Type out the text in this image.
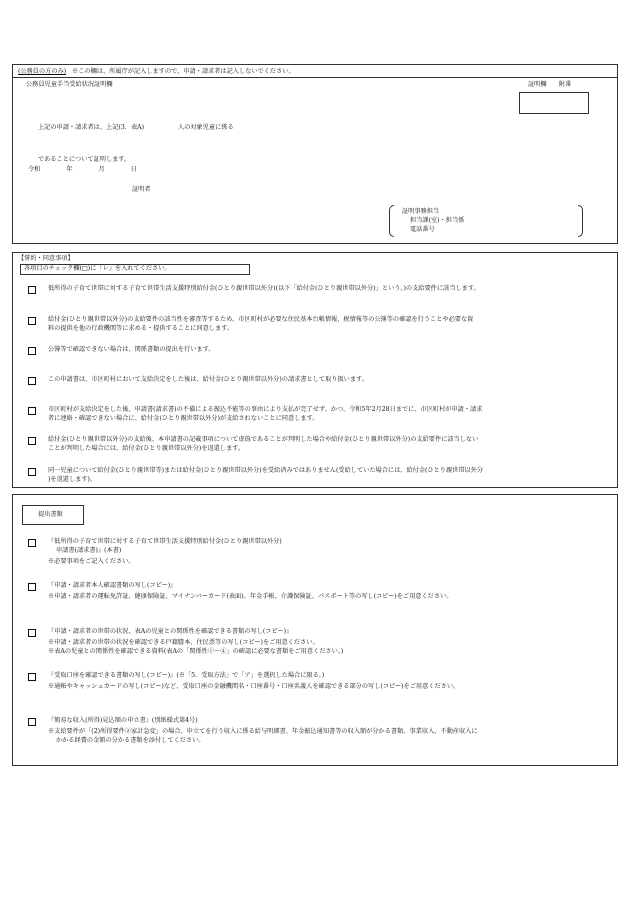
(公務員の方のみ) ※この欄は、所属庁が記入しますので、申請・請求者は記入しないでください。
公務員児童手当受給状況証明欄	証明欄　　附番
上記の申請・請求者は、上記(3．表A)	人の対象児童に係る
であることについて証明します。
令和	年	月	日
証明者
証明事務担当
担当課(室)・担当係
電話番号
【誓約・同意事項】
各項目のチェック欄(□)に『レ』を入れてください。
低所得の子育て世帯に対する子育て世帯生活支援特別給付金(ひとり親世帯以外分)(以下「給付金(ひとり親世帯以外分)」という。)の支給要件に該当します。
給付金(ひとり親世帯以外分)の支給要件の該当性を審査等するため、市区町村が必要な住民基本台帳情報、税情報等の公簿等の確認を行うことや必要な資
料の提供を他の行政機関等に求める・提供することに同意します。
公簿等で確認できない場合は、関係書類の提出を行います。
この申請書は、市区町村において支給決定をした後は、給付金(ひとり親世帯以外分)の請求書として取り扱います。
市区町村が支給決定をした後、申請書(請求書)の不備による振込不能等の事由により支払が完了せず、かつ、令和5年2月28日までに、市区町村が申請・請求
者に連絡・確認できない場合に、給付金(ひとり親世帯以外分)が支給されないことに同意します。
給付金(ひとり親世帯以外分)の支給後、本申請書の記載事項について虚偽であることが判明した場合や給付金(ひとり親世帯以外分)の支給要件に該当しない
ことが判明した場合には、給付金(ひとり親世帯以外分)を返還します。
同一児童について給付金(ひとり親世帯等)または給付金(ひとり親世帯以外分)を受給済みではありません(受給していた場合には、給付金(ひとり親世帯以外分
)を返還します)。
提出書類
『低所得の子育て世帯に対する子育て世帯生活支援特別給付金(ひとり親世帯以外分)
申請書(請求書)』(本書)
※必要事項をご記入ください。
『申請・請求者本人確認書類の写し(コピー)』
※申請・請求者の運転免許証、健康保険証、マイナンバーカード(表面)、年金手帳、介護保険証、パスポート等の写し(コピー)をご用意ください。
『申請・請求者の世帯の状況、表Aの児童との関係性を確認できる書類の写し(コピー)』
※申請・請求者の世帯の状況を確認できる戸籍謄本、住民票等の写し(コピー)をご用意ください。
※表Aの児童との関係性を確認できる資料(表Aの「関係性①〜④」の確認に必要な書類をご用意ください。)
『受取口座を確認できる書類の写し(コピー)』(※「5．受取方法」で「ア」を選択した場合に限る。)
※通帳やキャッシュカードの写し(コピー)など、受取口座の金融機関名・口座番号・口座名義人を確認できる部分の写し(コピー)をご用意ください。
『簡易な収入(所得)見込額の申立書』(別紙様式第4号)
※支給要件が「(2)所得要件②家計急変」の場合、申立てを行う収入に係る給与明細書、年金振込通知書等の収入額が分かる書類、事業収入、不動産収入に
かかる経費の金額の分かる書類を添付してください。
